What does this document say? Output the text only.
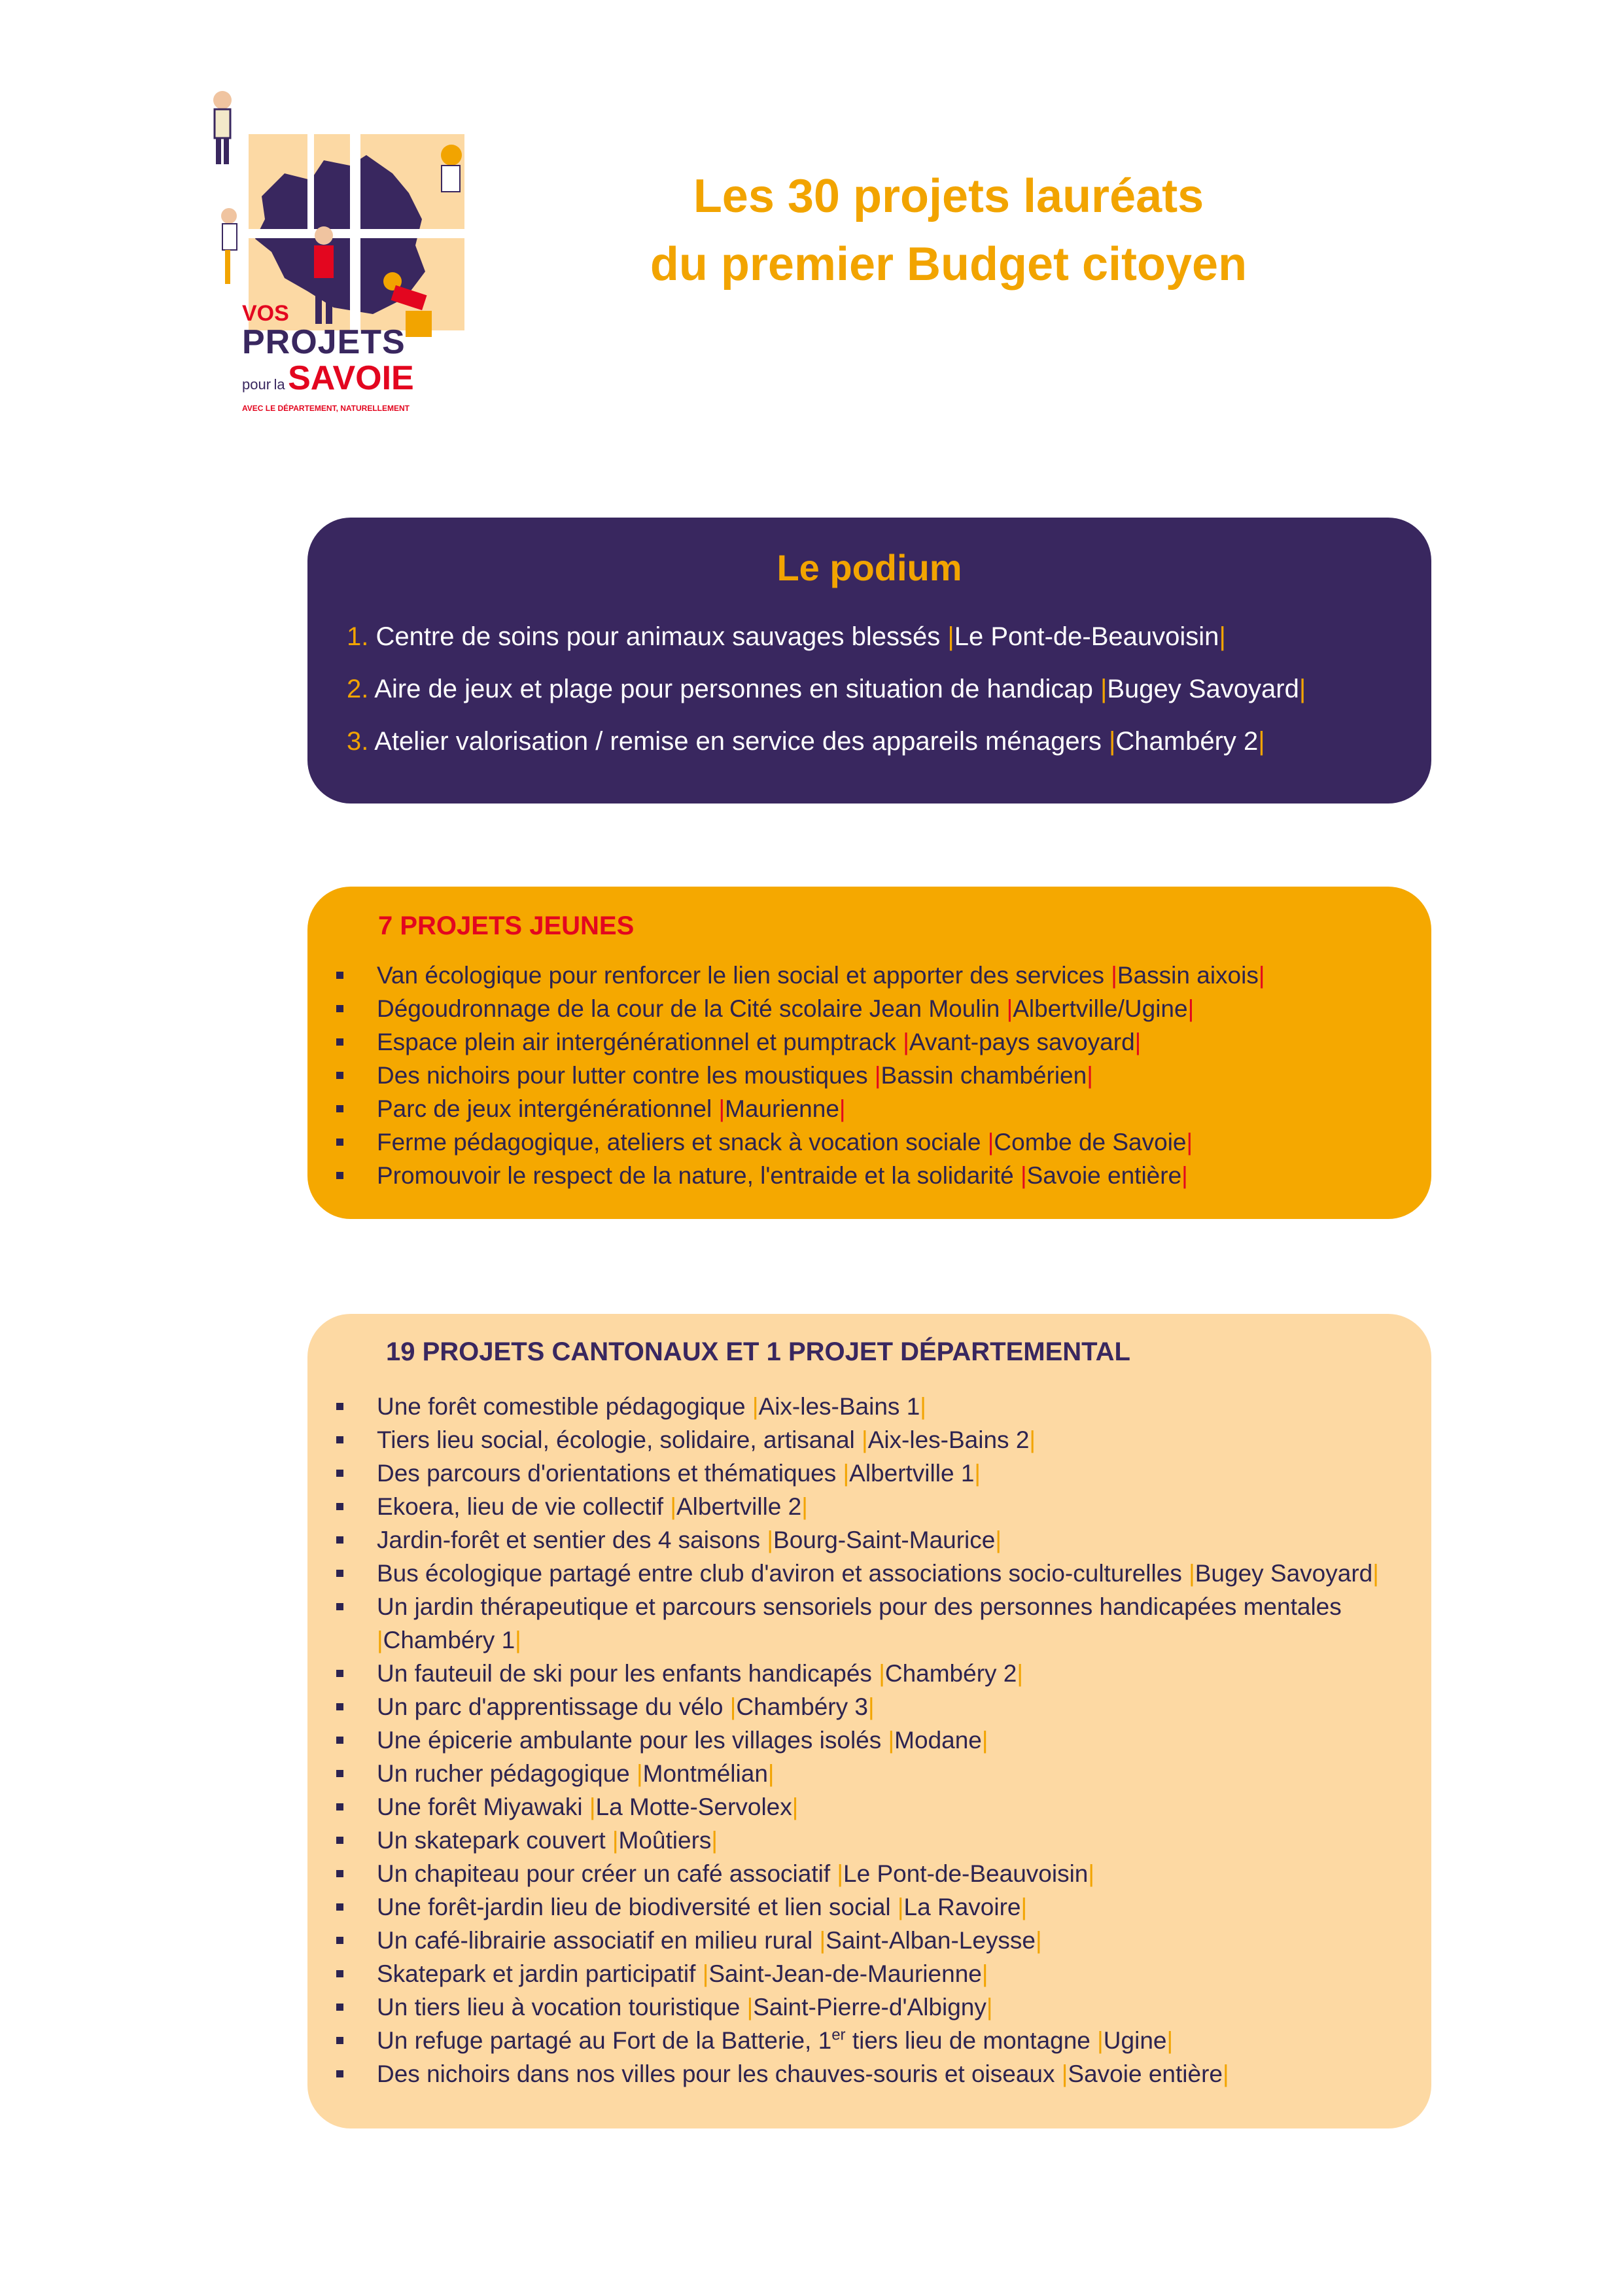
VOS
PROJETS
pour la SAVOIE
AVEC LE DÉPARTEMENT, NATURELLEMENT
Les 30 projets lauréats
du premier Budget citoyen
Le podium
1. Centre de soins pour animaux sauvages blessés |Le Pont-de-Beauvoisin|
2. Aire de jeux et plage pour personnes en situation de handicap |Bugey Savoyard|
3. Atelier valorisation / remise en service des appareils ménagers |Chambéry 2|
7 PROJETS JEUNES
Van écologique pour renforcer le lien social et apporter des services |Bassin aixois|
Dégoudronnage de la cour de la Cité scolaire Jean Moulin |Albertville/Ugine|
Espace plein air intergénérationnel et pumptrack |Avant-pays savoyard|
Des nichoirs pour lutter contre les moustiques |Bassin chambérien|
Parc de jeux intergénérationnel |Maurienne|
Ferme pédagogique, ateliers et snack à vocation sociale |Combe de Savoie|
Promouvoir le respect de la nature, l'entraide et la solidarité |Savoie entière|
19 PROJETS CANTONAUX ET 1 PROJET DÉPARTEMENTAL
Une forêt comestible pédagogique |Aix-les-Bains 1|
Tiers lieu social, écologie, solidaire, artisanal |Aix-les-Bains 2|
Des parcours d'orientations et thématiques |Albertville 1|
Ekoera, lieu de vie collectif |Albertville 2|
Jardin-forêt et sentier des 4 saisons |Bourg-Saint-Maurice|
Bus écologique partagé entre club d'aviron et associations socio-culturelles |Bugey Savoyard|
Un jardin thérapeutique et parcours sensoriels pour des personnes handicapées mentales
|Chambéry 1|
Un fauteuil de ski pour les enfants handicapés |Chambéry 2|
Un parc d'apprentissage du vélo |Chambéry 3|
Une épicerie ambulante pour les villages isolés |Modane|
Un rucher pédagogique |Montmélian|
Une forêt Miyawaki |La Motte-Servolex|
Un skatepark couvert |Moûtiers|
Un chapiteau pour créer un café associatif |Le Pont-de-Beauvoisin|
Une forêt-jardin lieu de biodiversité et lien social |La Ravoire|
Un café-librairie associatif en milieu rural |Saint-Alban-Leysse|
Skatepark et jardin participatif |Saint-Jean-de-Maurienne|
Un tiers lieu à vocation touristique |Saint-Pierre-d'Albigny|
Un refuge partagé au Fort de la Batterie, 1er tiers lieu de montagne |Ugine|
Des nichoirs dans nos villes pour les chauves-souris et oiseaux |Savoie entière|
